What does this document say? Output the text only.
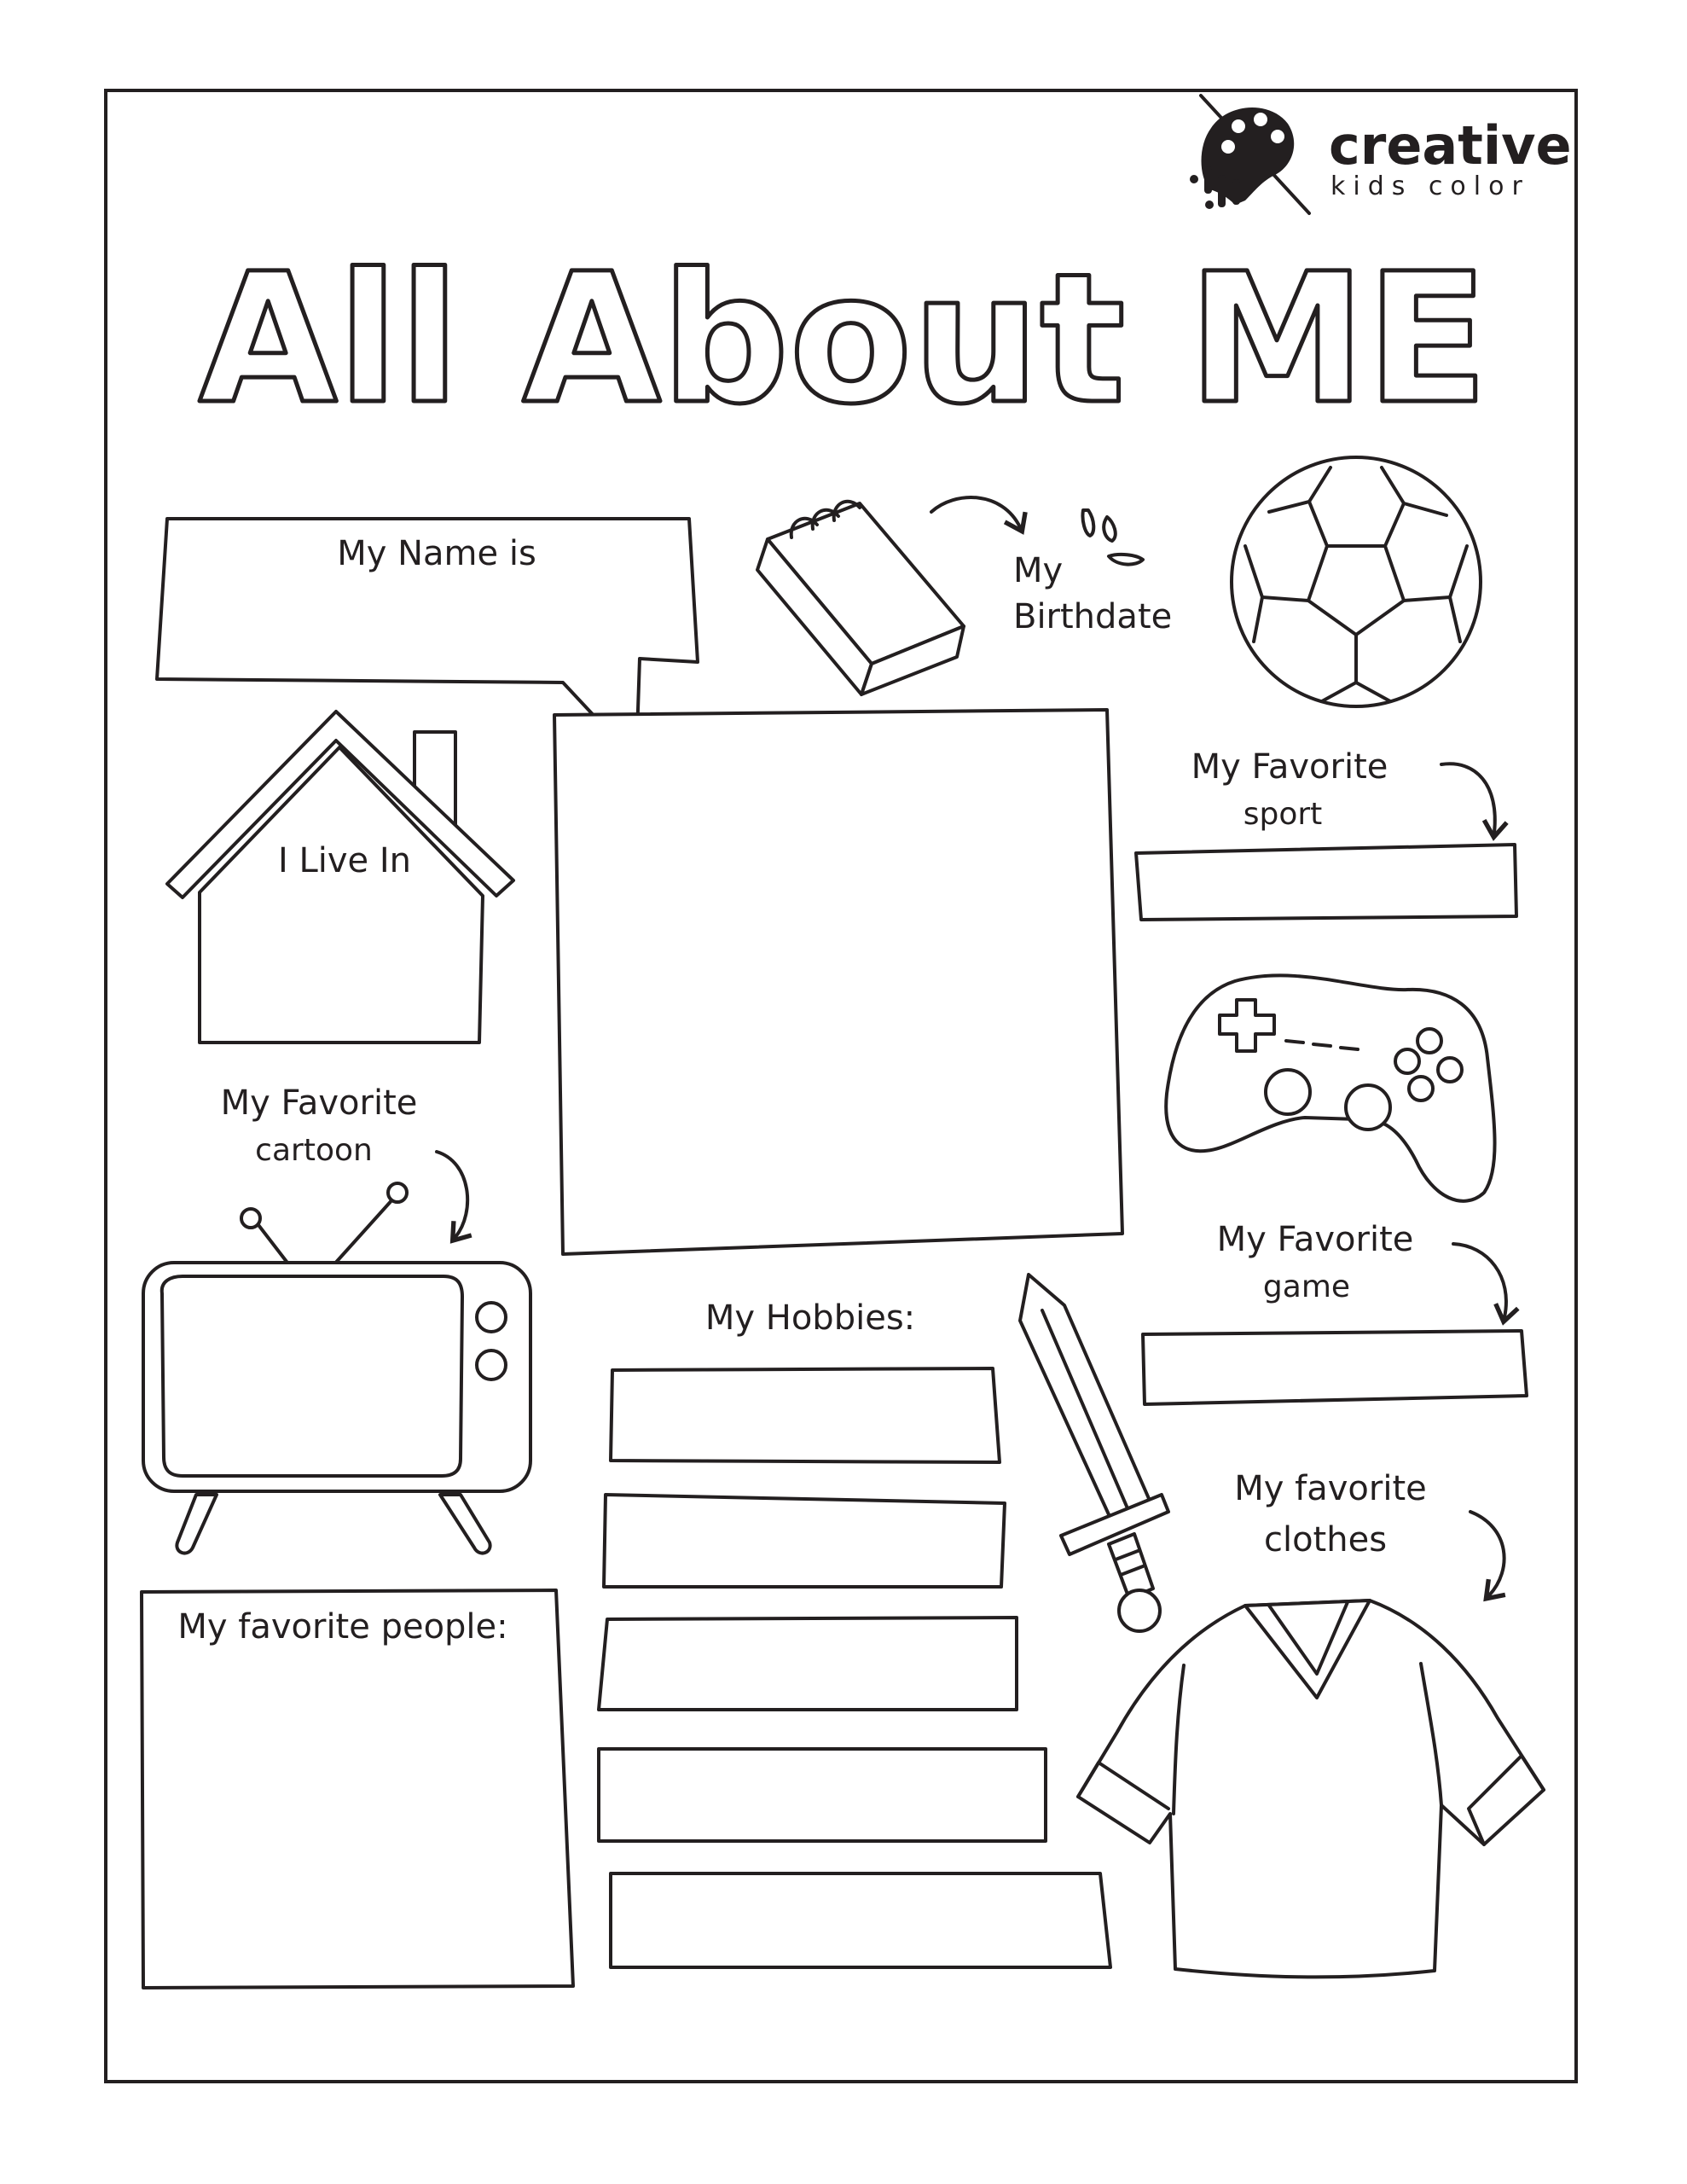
creative
kids color
All About ME
My Name is	My
Birthdate
I Live In
My Favorite
sport
My Favorite
cartoon
My Favorite
game
My Hobbies:
My favorite
clothes
My favorite people:
